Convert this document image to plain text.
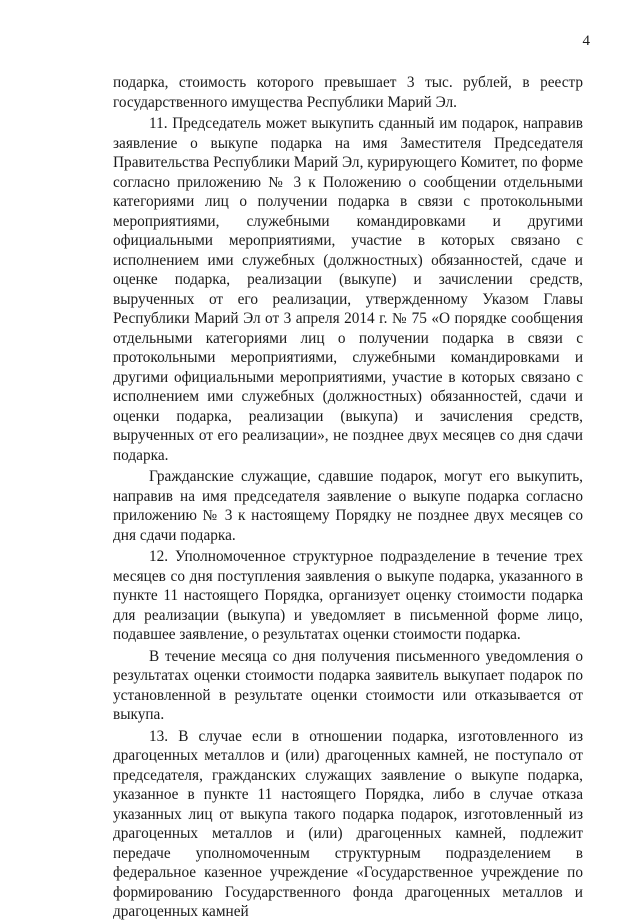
4

подарка, стоимость которого превышает 3 тыс. рублей, в реестр государственного имущества Республики Марий Эл.

11. Председатель может выкупить сданный им подарок, направив заявление о выкупе подарка на имя Заместителя Председателя Правительства Республики Марий Эл, курирующего Комитет, по форме согласно приложению № 3 к Положению о сообщении отдельными категориями лиц о получении подарка в связи с протокольными мероприятиями, служебными командировками и другими официальными мероприятиями, участие в которых связано с исполнением ими служебных (должностных) обязанностей, сдаче и оценке подарка, реализации (выкупе) и зачислении средств, вырученных от его реализации, утвержденному Указом Главы Республики Марий Эл от 3 апреля 2014 г. № 75 «О порядке сообщения отдельными категориями лиц о получении подарка в связи с протокольными мероприятиями, служебными командировками и другими официальными мероприятиями, участие в которых связано с исполнением ими служебных (должностных) обязанностей, сдачи и оценки подарка, реализации (выкупа) и зачисления средств, вырученных от его реализации», не позднее двух месяцев со дня сдачи подарка.

Гражданские служащие, сдавшие подарок, могут его выкупить, направив на имя председателя заявление о выкупе подарка согласно приложению № 3 к настоящему Порядку не позднее двух месяцев со дня сдачи подарка.

12. Уполномоченное структурное подразделение в течение трех месяцев со дня поступления заявления о выкупе подарка, указанного в пункте 11 настоящего Порядка, организует оценку стоимости подарка для реализации (выкупа) и уведомляет в письменной форме лицо, подавшее заявление, о результатах оценки стоимости подарка.

В течение месяца со дня получения письменного уведомления о результатах оценки стоимости подарка заявитель выкупает подарок по установленной в результате оценки стоимости или отказывается от выкупа.

13. В случае если в отношении подарка, изготовленного из драгоценных металлов и (или) драгоценных камней, не поступало от председателя, гражданских служащих заявление о выкупе подарка, указанное в пункте 11 настоящего Порядка, либо в случае отказа указанных лиц от выкупа такого подарка подарок, изготовленный из драгоценных металлов и (или) драгоценных камней, подлежит передаче уполномоченным структурным подразделением в федеральное казенное учреждение «Государственное учреждение по формированию Государственного фонда драгоценных металлов и драгоценных камней
